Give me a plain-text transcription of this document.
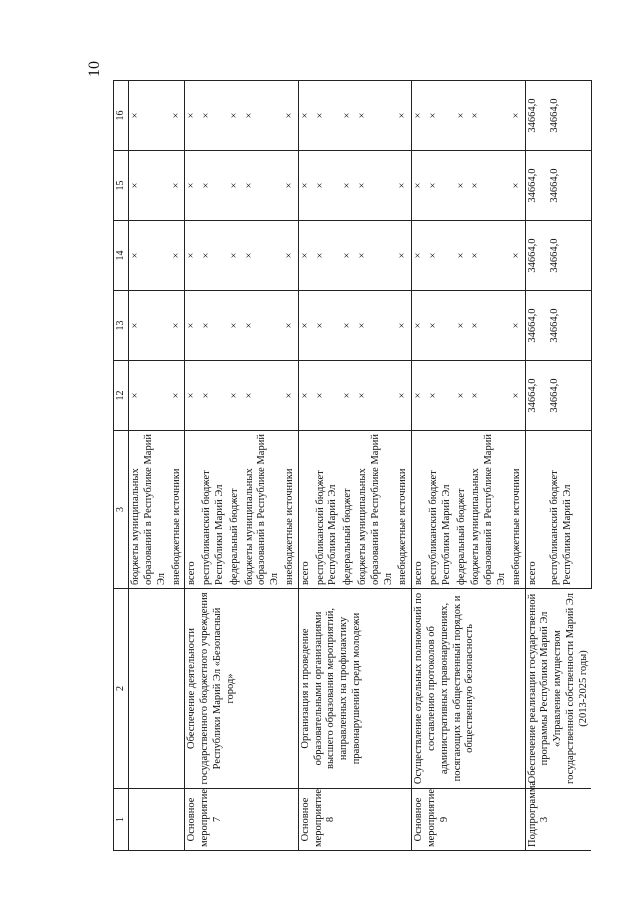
10
1	2	3	12	13	14	15	16
		бюджеты муниципальных образований в Республике Марий Эл	×	×	×	×	×
		внебюджетные источники	×	×	×	×	×
Основное мероприятие 7	Обеспечение деятельности государственного бюджетного учреждения Республики Марий Эл «Безопасный город»	всего	×	×	×	×	×
		республиканский бюджет Республики Марий Эл	×	×	×	×	×
		федеральный бюджет	×	×	×	×	×
		бюджеты муниципальных образований в Республике Марий Эл	×	×	×	×	×
		внебюджетные источники	×	×	×	×	×
Основное мероприятие 8	Организация и проведение образовательными организациями высшего образования мероприятий, направленных на профилактику правонарушений среди молодежи	всего	×	×	×	×	×
		республиканский бюджет Республики Марий Эл	×	×	×	×	×
		федеральный бюджет	×	×	×	×	×
		бюджеты муниципальных образований в Республике Марий Эл	×	×	×	×	×
		внебюджетные источники	×	×	×	×	×
Основное мероприятие 9	Осуществление отдельных полномочий по составлению протоколов об административных правонарушениях, посягающих на общественный порядок и общественную безопасность	всего	×	×	×	×	×
		республиканский бюджет Республики Марий Эл	×	×	×	×	×
		федеральный бюджет	×	×	×	×	×
		бюджеты муниципальных образований в Республике Марий Эл	×	×	×	×	×
		внебюджетные источники	×	×	×	×	×
Подпрограмма 3	Обеспечение реализации государственной программы Республики Марий Эл «Управление имуществом государственной собственности Марий Эл (2013-2025 годы)	всего	34664,0	34664,0	34664,0	34664,0	34664,0
		республиканский бюджет Республики Марий Эл	34664,0	34664,0	34664,0	34664,0	34664,0
